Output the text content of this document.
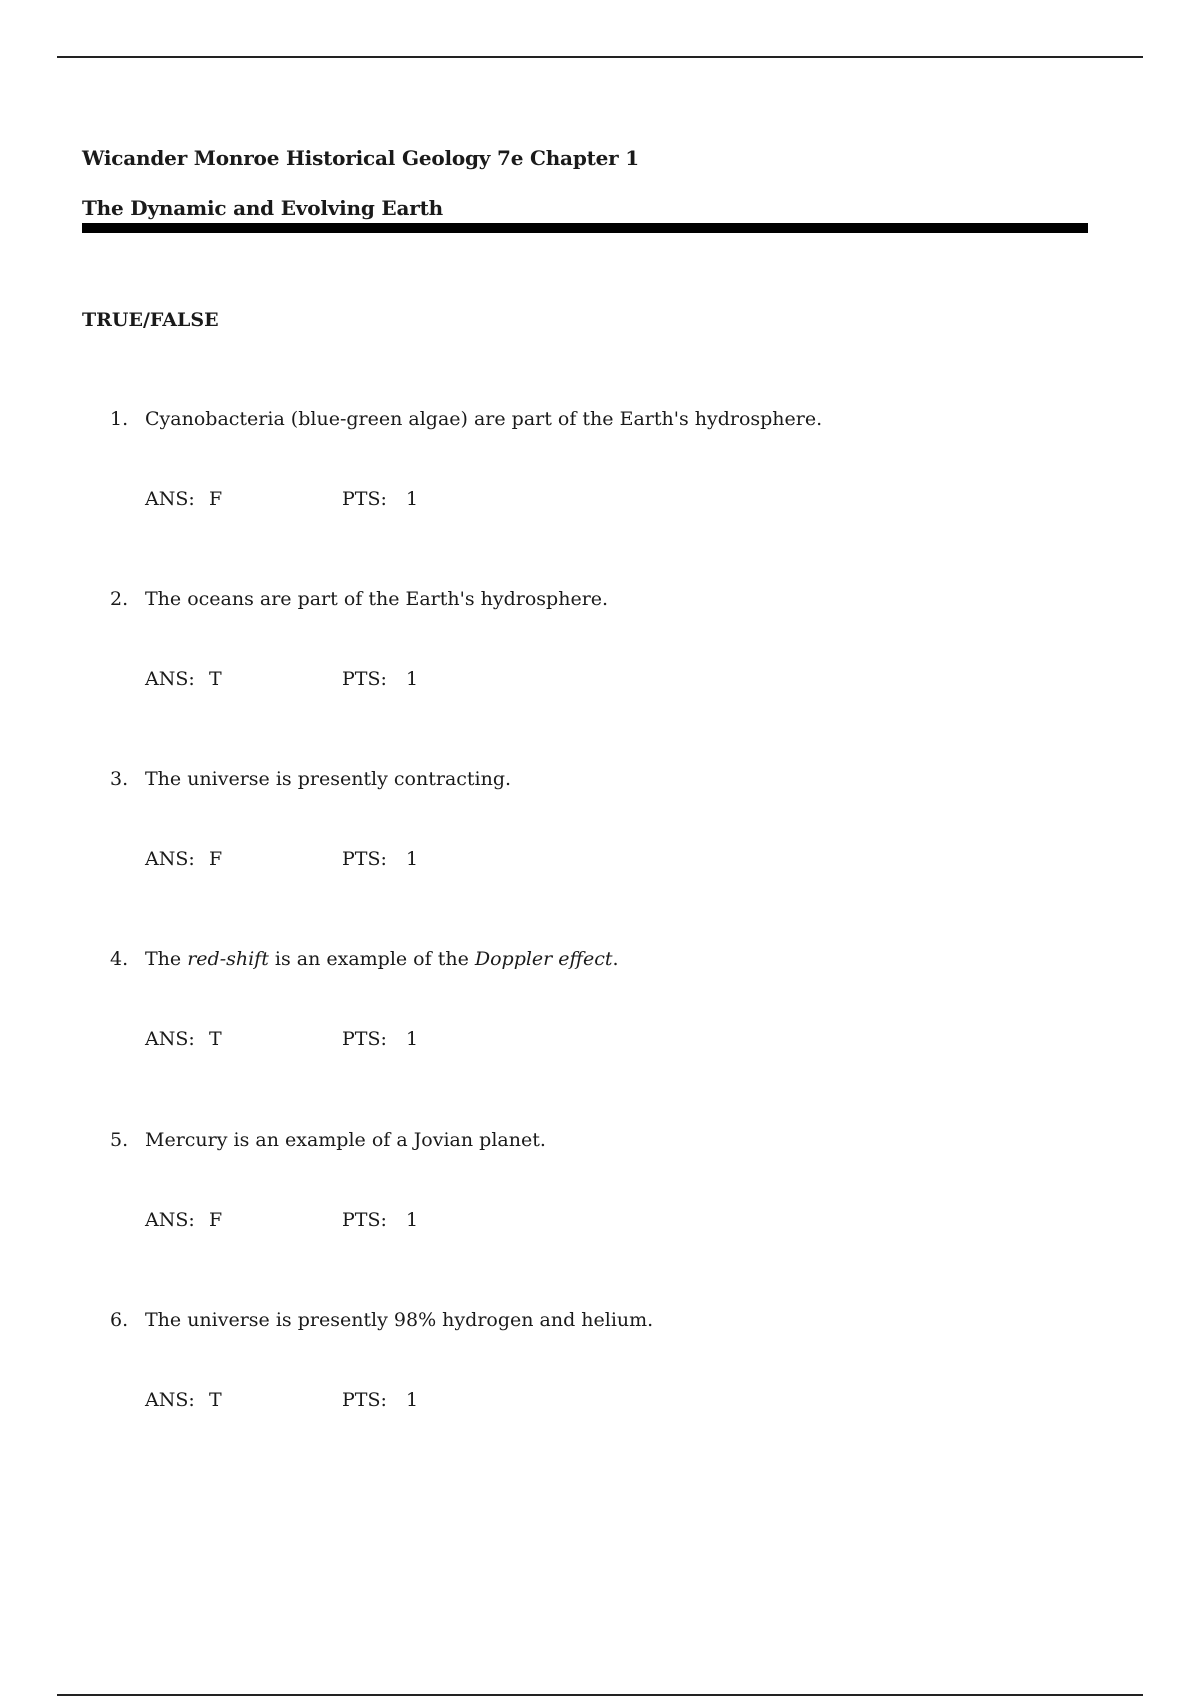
Wicander Monroe Historical Geology 7e Chapter 1
The Dynamic and Evolving Earth
TRUE/FALSE
1. Cyanobacteria (blue-green algae) are part of the Earth's hydrosphere.
ANS: F	PTS: 1
2. The oceans are part of the Earth's hydrosphere.
ANS: T	PTS: 1
3. The universe is presently contracting.
ANS: F	PTS: 1
4. The red-shift is an example of the Doppler effect.
ANS: T	PTS: 1
5. Mercury is an example of a Jovian planet.
ANS: F	PTS: 1
6. The universe is presently 98% hydrogen and helium.
ANS: T	PTS: 1
